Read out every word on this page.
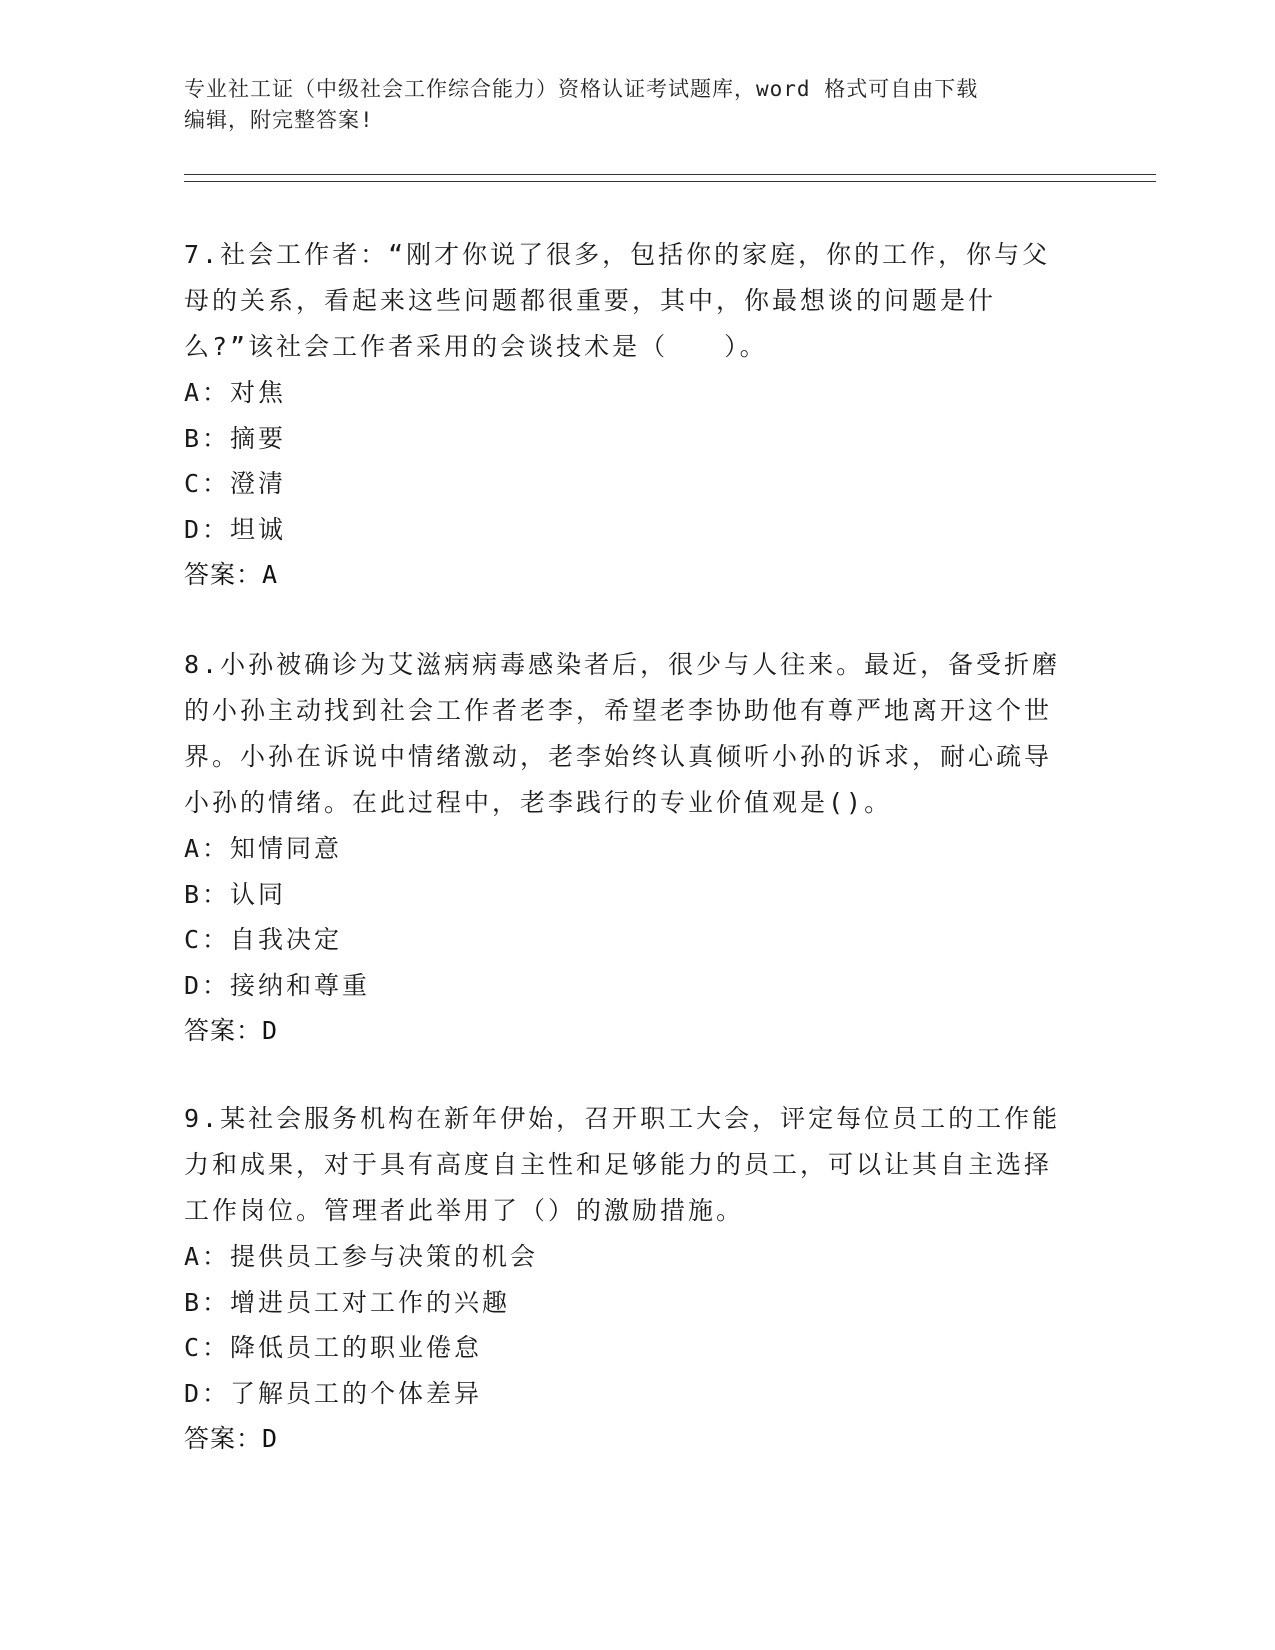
专业社工证（中级社会工作综合能力）资格认证考试题库，word 格式可自由下载
编辑，附完整答案!

7.社会工作者：“刚才你说了很多，包括你的家庭，你的工作，你与父母的关系，看起来这些问题都很重要，其中，你最想谈的问题是什么?”该社会工作者采用的会谈技术是（　　）。

A：对焦

B：摘要

C：澄清

D：坦诚

答案：A

8.小孙被确诊为艾滋病病毒感染者后，很少与人往来。最近，备受折磨的小孙主动找到社会工作者老李，希望老李协助他有尊严地离开这个世界。小孙在诉说中情绪激动，老李始终认真倾听小孙的诉求，耐心疏导小孙的情绪。在此过程中，老李践行的专业价值观是()。

A：知情同意

B：认同

C：自我决定

D：接纳和尊重

答案：D

9.某社会服务机构在新年伊始，召开职工大会，评定每位员工的工作能力和成果，对于具有高度自主性和足够能力的员工，可以让其自主选择工作岗位。管理者此举用了（）的激励措施。

A：提供员工参与决策的机会

B：增进员工对工作的兴趣

C：降低员工的职业倦怠

D：了解员工的个体差异

答案：D
